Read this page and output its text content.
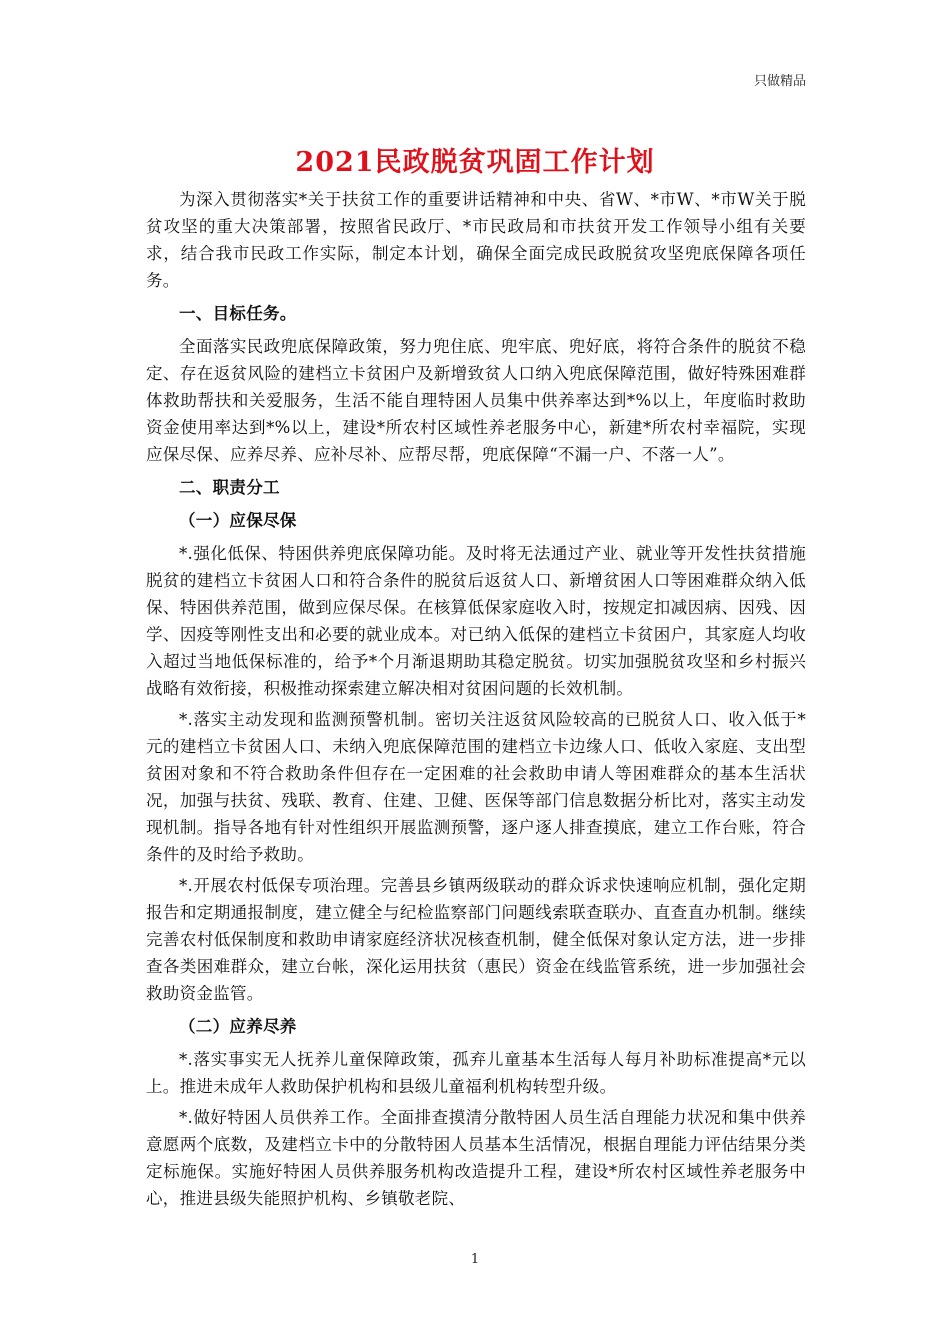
只做精品
2021民政脱贫巩固工作计划

为深入贯彻落实*关于扶贫工作的重要讲话精神和中央、省W、*市W、*市W关于脱贫攻坚的重大决策部署，按照省民政厅、*市民政局和市扶贫开发工作领导小组有关要求，结合我市民政工作实际，制定本计划，确保全面完成民政脱贫攻坚兜底保障各项任务。

一、目标任务。

全面落实民政兜底保障政策，努力兜住底、兜牢底、兜好底，将符合条件的脱贫不稳定、存在返贫风险的建档立卡贫困户及新增致贫人口纳入兜底保障范围，做好特殊困难群体救助帮扶和关爱服务，生活不能自理特困人员集中供养率达到*%以上，年度临时救助资金使用率达到*%以上，建设*所农村区域性养老服务中心，新建*所农村幸福院，实现应保尽保、应养尽养、应补尽补、应帮尽帮，兜底保障“不漏一户、不落一人”。

二、职责分工

（一）应保尽保

*.强化低保、特困供养兜底保障功能。及时将无法通过产业、就业等开发性扶贫措施脱贫的建档立卡贫困人口和符合条件的脱贫后返贫人口、新增贫困人口等困难群众纳入低保、特困供养范围，做到应保尽保。在核算低保家庭收入时，按规定扣减因病、因残、因学、因疫等刚性支出和必要的就业成本。对已纳入低保的建档立卡贫困户，其家庭人均收入超过当地低保标准的，给予*个月渐退期助其稳定脱贫。切实加强脱贫攻坚和乡村振兴战略有效衔接，积极推动探索建立解决相对贫困问题的长效机制。

*.落实主动发现和监测预警机制。密切关注返贫风险较高的已脱贫人口、收入低于*元的建档立卡贫困人口、未纳入兜底保障范围的建档立卡边缘人口、低收入家庭、支出型贫困对象和不符合救助条件但存在一定困难的社会救助申请人等困难群众的基本生活状况，加强与扶贫、残联、教育、住建、卫健、医保等部门信息数据分析比对，落实主动发现机制。指导各地有针对性组织开展监测预警，逐户逐人排查摸底，建立工作台账，符合条件的及时给予救助。

*.开展农村低保专项治理。完善县乡镇两级联动的群众诉求快速响应机制，强化定期报告和定期通报制度，建立健全与纪检监察部门问题线索联查联办、直查直办机制。继续完善农村低保制度和救助申请家庭经济状况核查机制，健全低保对象认定方法，进一步排查各类困难群众，建立台帐，深化运用扶贫（惠民）资金在线监管系统，进一步加强社会救助资金监管。

（二）应养尽养

*.落实事实无人抚养儿童保障政策，孤弃儿童基本生活每人每月补助标准提高*元以上。推进未成年人救助保护机构和县级儿童福利机构转型升级。

*.做好特困人员供养工作。全面排查摸清分散特困人员生活自理能力状况和集中供养意愿两个底数，及建档立卡中的分散特困人员基本生活情况，根据自理能力评估结果分类定标施保。实施好特困人员供养服务机构改造提升工程，建设*所农村区域性养老服务中心，推进县级失能照护机构、乡镇敬老院、

1
